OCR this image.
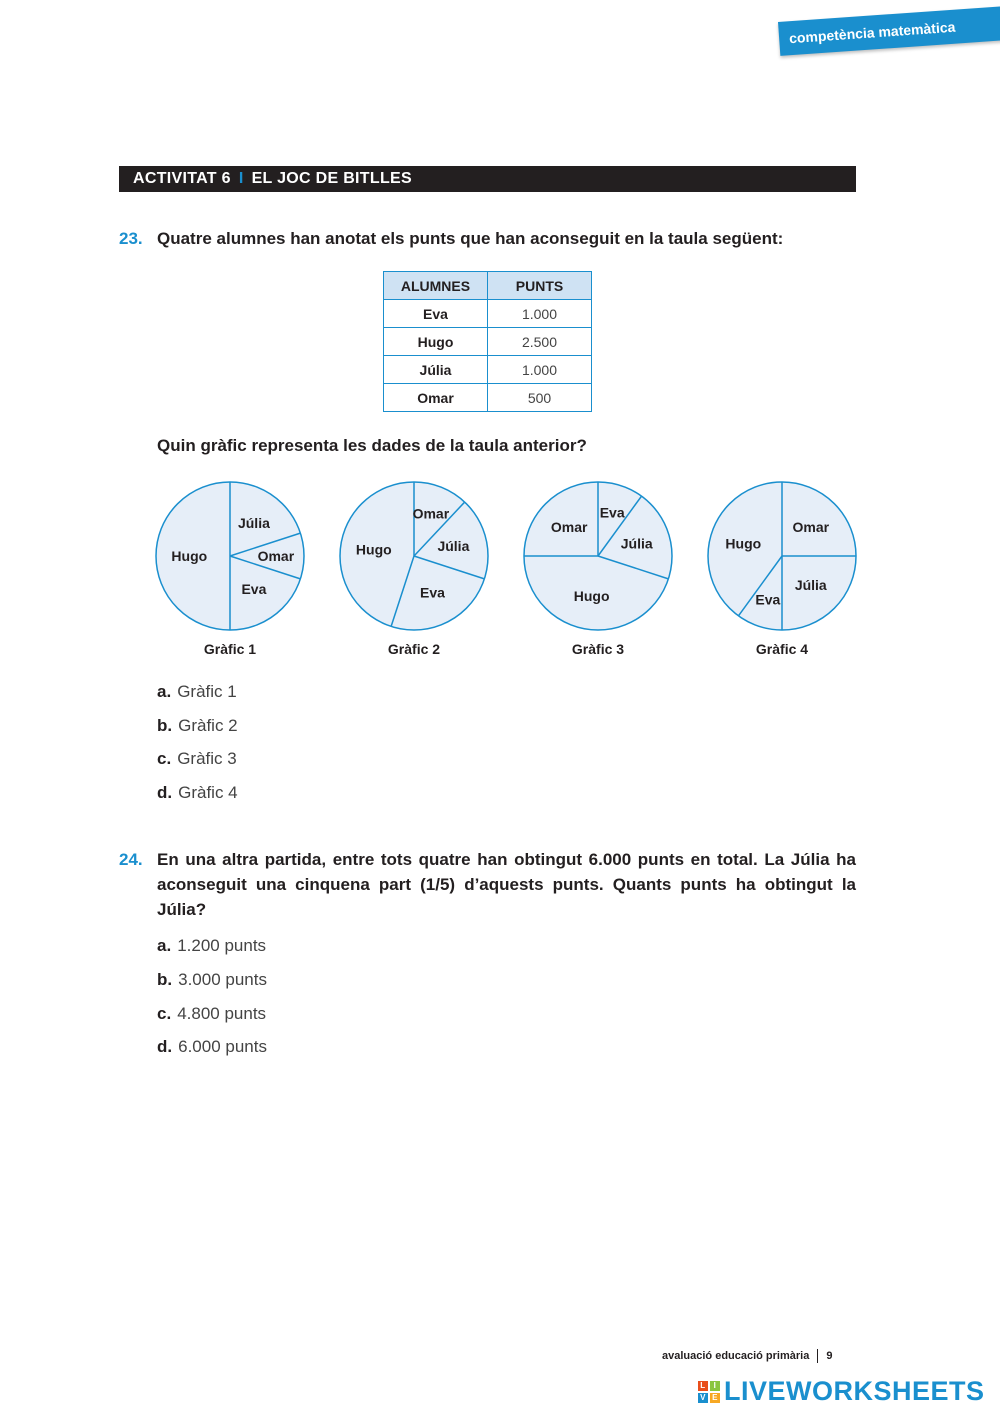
competència matemàtica
ACTIVITAT 6 I EL JOC DE BITLLES
23. Quatre alumnes han anotat els punts que han aconseguit en la taula següent:
ALUMNES	PUNTS
Eva	1.000
Hugo	2.500
Júlia	1.000
Omar	500
Quin gràfic representa les dades de la taula anterior?
Júlia
Omar
Eva
Hugo
Gràfic 1
Omar
Júlia
Eva
Hugo
Gràfic 2
Eva
Júlia
Hugo
Omar
Gràfic 3
Omar
Júlia
Eva
Hugo
Gràfic 4
a. Gràfic 1
b. Gràfic 2
c. Gràfic 3
d. Gràfic 4
24. En una altra partida, entre tots quatre han obtingut 6.000 punts en total. La Júlia ha aconseguit una cinquena part (1/5) d’aquests punts. Quants punts ha obtingut la Júlia?
a. 1.200 punts
b. 3.000 punts
c. 4.800 punts
d. 6.000 punts
avaluació educació primària 9
L I
V E LIVEWORKSHEETS
